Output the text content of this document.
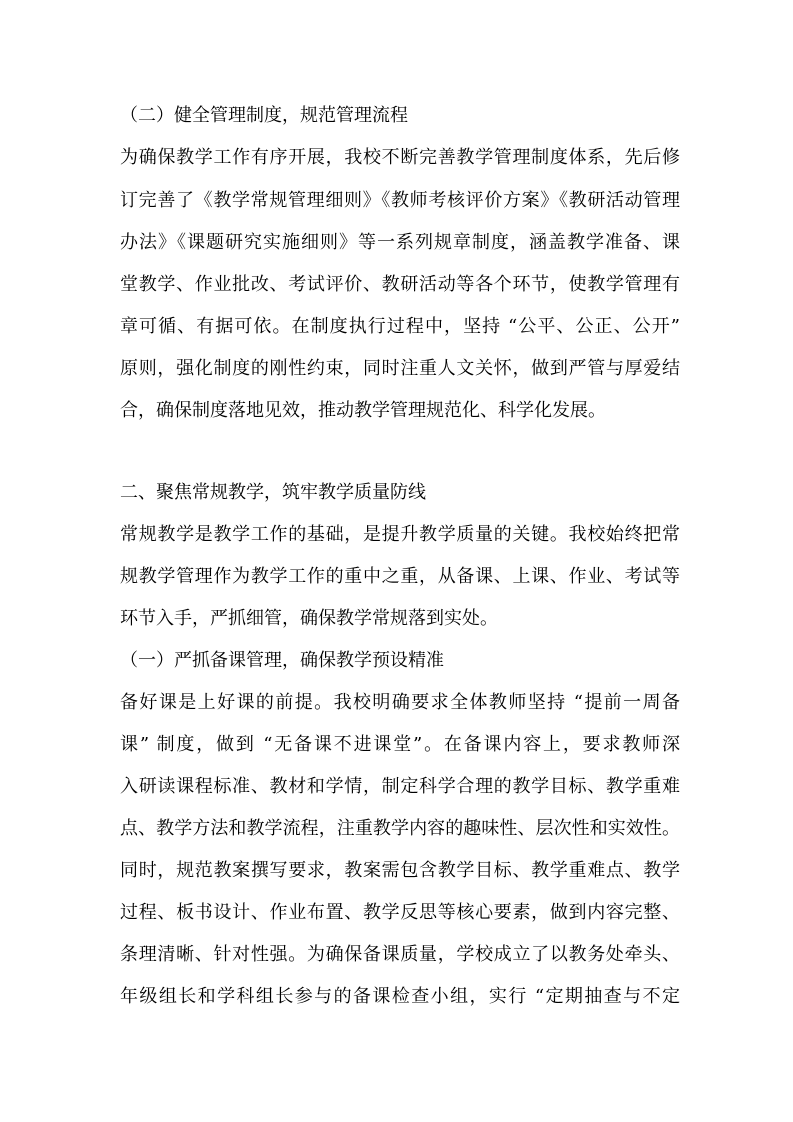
（二）健全管理制度，规范管理流程
为确保教学工作有序开展，我校不断完善教学管理制度体系，先后修
订完善了《教学常规管理细则》《教师考核评价方案》《教研活动管理
办法》《课题研究实施细则》等一系列规章制度，涵盖教学准备、课
堂教学、作业批改、考试评价、教研活动等各个环节，使教学管理有
章可循、有据可依。在制度执行过程中，坚持 “公平、公正、公开”
原则，强化制度的刚性约束，同时注重人文关怀，做到严管与厚爱结
合，确保制度落地见效，推动教学管理规范化、科学化发展。
二、聚焦常规教学，筑牢教学质量防线
常规教学是教学工作的基础，是提升教学质量的关键。我校始终把常
规教学管理作为教学工作的重中之重，从备课、上课、作业、考试等
环节入手，严抓细管，确保教学常规落到实处。
（一）严抓备课管理，确保教学预设精准
备好课是上好课的前提。我校明确要求全体教师坚持 “提前一周备
课” 制度，做到 “无备课不进课堂”。在备课内容上，要求教师深
入研读课程标准、教材和学情，制定科学合理的教学目标、教学重难
点、教学方法和教学流程，注重教学内容的趣味性、层次性和实效性。
同时，规范教案撰写要求，教案需包含教学目标、教学重难点、教学
过程、板书设计、作业布置、教学反思等核心要素，做到内容完整、
条理清晰、针对性强。为确保备课质量，学校成立了以教务处牵头、
年级组长和学科组长参与的备课检查小组，实行 “定期抽查与不定
